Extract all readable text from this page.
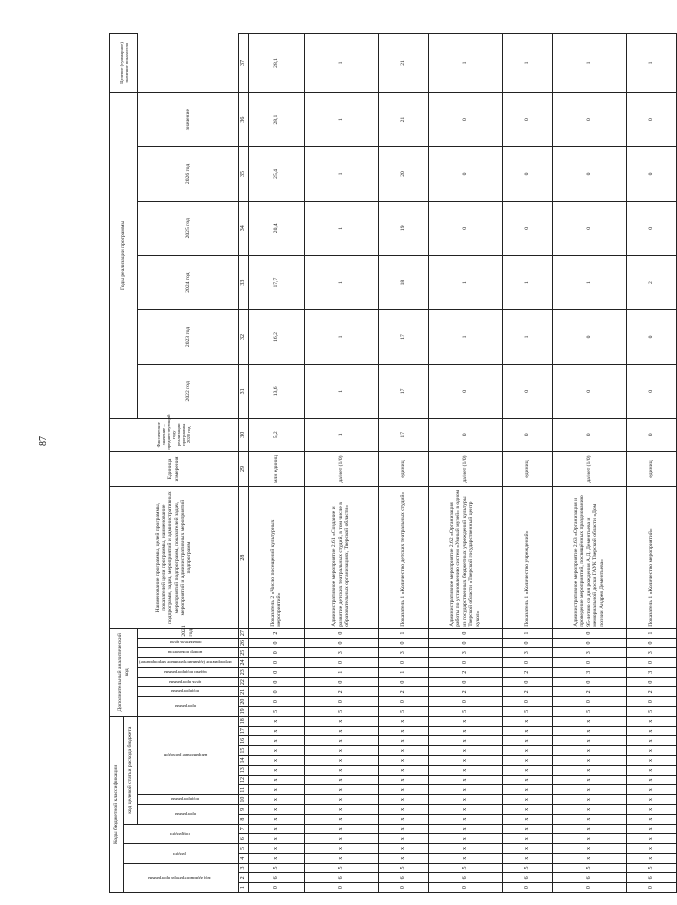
87
Коды бюджетной классификации																		Дополнительный аналитический код									Наименование программы, целей программы, показателей цели программы, наименование подпрограмм, задач, мероприятий и административных мероприятий подпрограмм, показателей задач, мероприятий и административных мероприятий подпрограмм	Единица измерения	Фактическое значение – предшествующий году реализации программы 2020 год	Годы реализации программы						Целевое (суммарное) значение показателя
код администратора программы			раздел		подраздел		код целевой статьи расхода бюджета																													
							программа		подпрограмма	направление расходов								программа		подпрограмма	цель программы	задачи подпрограммы	мероприятие (административное мероприятие)	номер показателя	показатель цели	2021 год				2022 год	2023 год	2024 год	2025 год	2026 год	значение	
1	2	3	4	5	6	7	8	9	10	11	12	13	14	15	16	17	18	19	20	21	22	23	24	25	26	27	28	29	30	31	32	33	34	35	36	37
0	6	5	х	х	х	х	х	х	х	х	х	х	х	х	х	х	х	5	0	0	0	0	0	0	0	2	Показатель 2 «Число посещений культурных мероприятий»	млн единиц	5,2	13,6	16,2	17,7	20,4	25,4	28,1	28,1
0	6	5	х	х	х	х	х	х	х	х	х	х	х	х	х	х	х	5	0	2	0	1	0	3	0	0	Административное мероприятие 2.61 «Создание и развитие детских театральных студий, в том числе в образовательных организациях, Тверской области»	да/нет (1/0)	1	1	1	1	1	1	1	1
0	6	5	х	х	х	х	х	х	х	х	х	х	х	х	х	х	х	5	0	2	0	1	0	3	0	1	Показатель 1 «Количество детских театральных студий»	единиц	17	17	17	18	19	20	21	21
0	6	5	х	х	х	х	х	х	х	х	х	х	х	х	х	х	х	5	0	2	0	2	0	3	0	0	Административное мероприятие 2.62 «Организация работы по установлению систем «Умный музей» в одном из государственных бюджетных учреждений культуры Тверской области «Тверской государственный центр кукол»	да/нет (1/0)	0	0	1	1	0	0	0	1
0	6	5	х	х	х	х	х	х	х	х	х	х	х	х	х	х	х	5	0	2	0	2	0	3	0	1	Показатель 1 «Количество учреждений»	единиц	0	0	1	1	0	0	0	1
0	6	5	х	х	х	х	х	х	х	х	х	х	х	х	х	х	х	5	0	2	0	3	0	3	0	0	Административное мероприятие 2.63 «Организация и проведение мероприятий, посвящённых празднованию 95-летию со дня рождения А.Д. Дементьева и мемориальной доски ГАУК Тверской области «Дом поэзии Андрея Дементьева»	да/нет (1/0)	0	0	0	1	0	0	0	1
0	6	5	х	х	х	х	х	х	х	х	х	х	х	х	х	х	х	5	0	2	0	3	0	3	0	1	Показатель 1 «Количество мероприятий»	единиц	0	0	0	2	0	0	0	1
